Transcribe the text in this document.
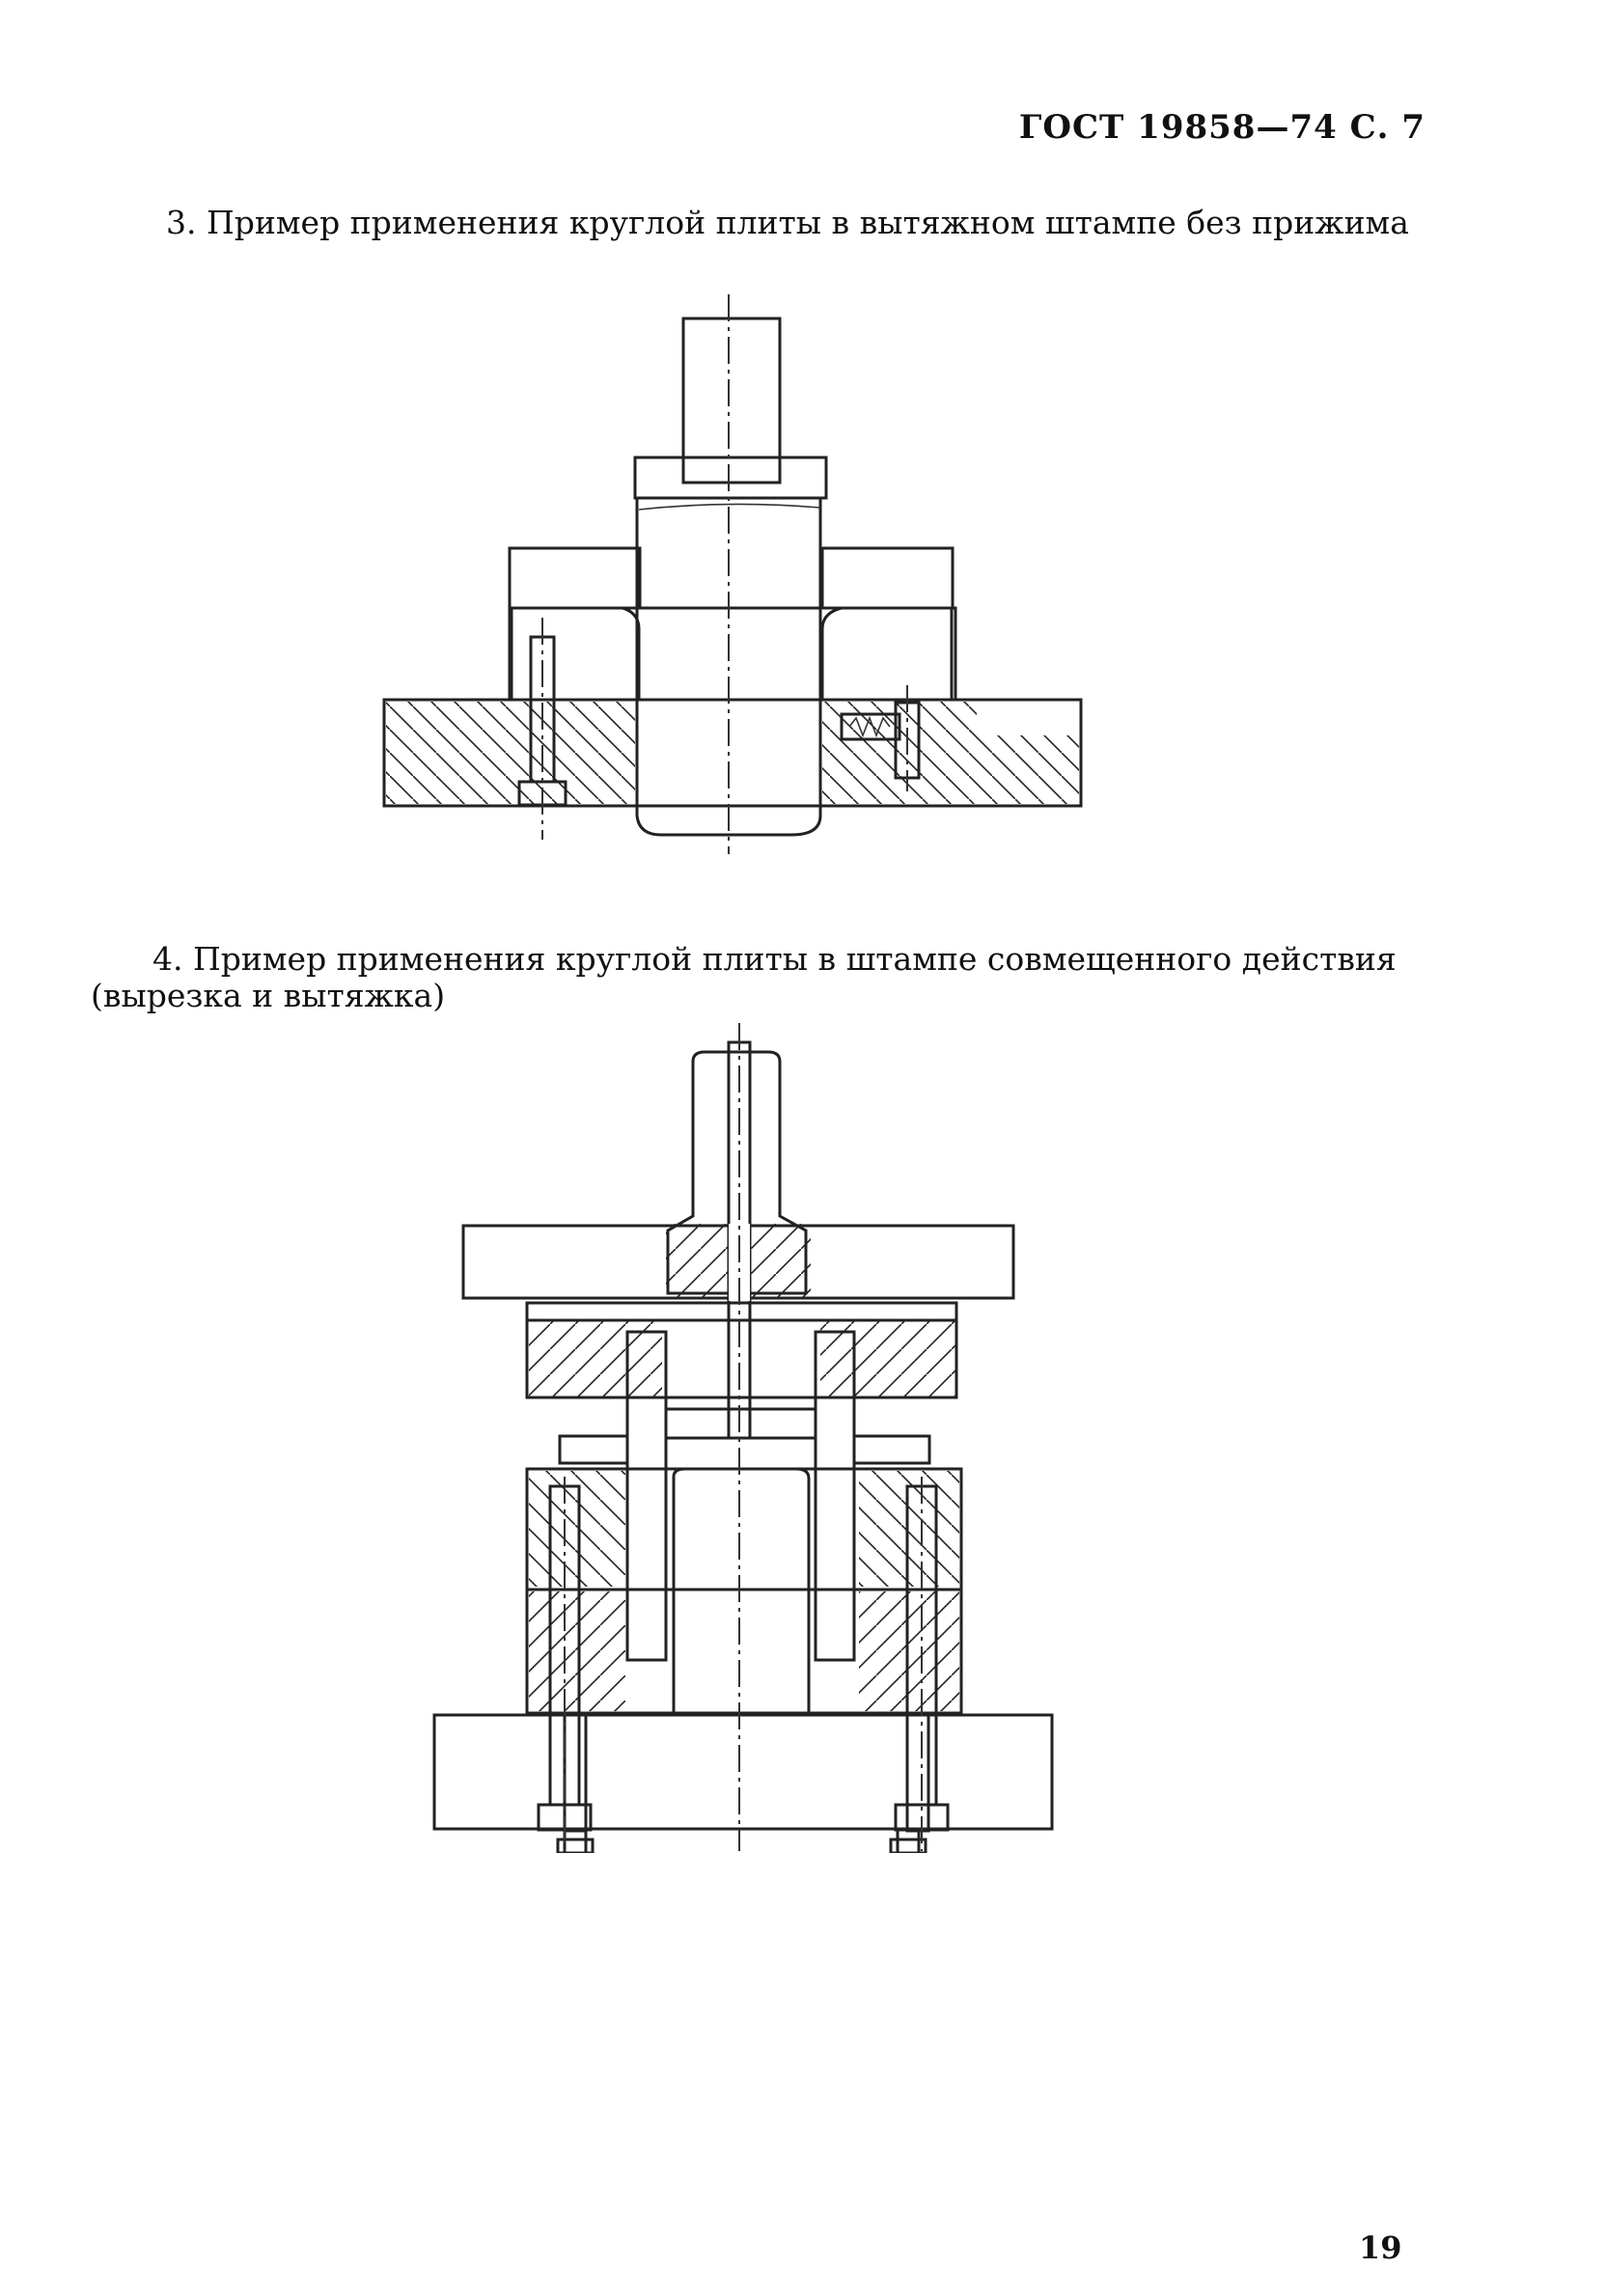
ГОСТ 19858—74 С. 7
3. Пример применения круглой плиты в вытяжном штампе без прижима
4. Пример применения круглой плиты в штампе совмещенного действия
(вырезка и вытяжка)
19
